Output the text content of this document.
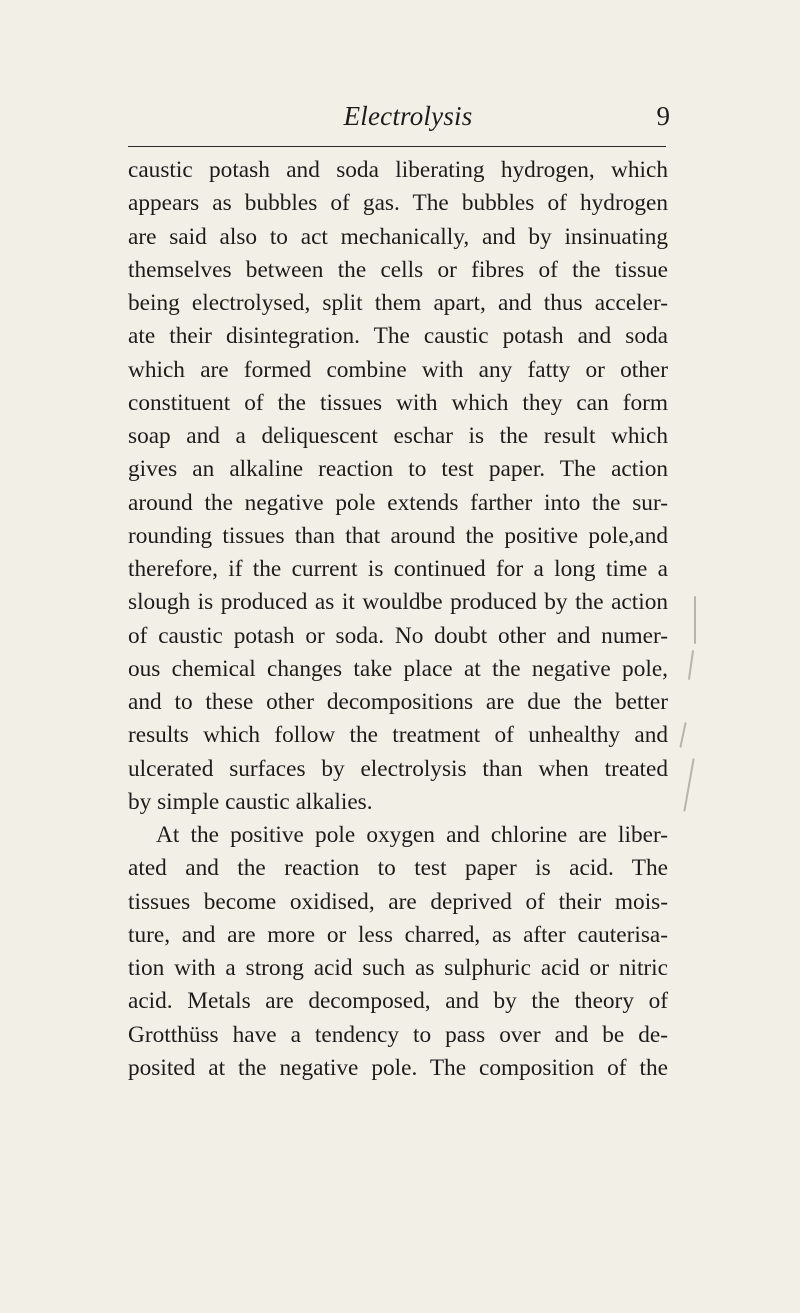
Electrolysis	9
caustic potash and soda liberating hydrogen, which
appears as bubbles of gas. The bubbles of hydrogen
are said also to act mechanically, and by insinuating
themselves between the cells or fibres of the tissue
being electrolysed, split them apart, and thus acceler-
ate their disintegration. The caustic potash and soda
which are formed combine with any fatty or other
constituent of the tissues with which they can form
soap and a deliquescent eschar is the result which
gives an alkaline reaction to test paper. The action
around the negative pole extends farther into the sur-
rounding tissues than that around the positive pole,and
therefore, if the current is continued for a long time a
slough is produced as it wouldbe produced by the action
of caustic potash or soda. No doubt other and numer-
ous chemical changes take place at the negative pole,
and to these other decompositions are due the better
results which follow the treatment of unhealthy and
ulcerated surfaces by electrolysis than when treated
by simple caustic alkalies.
At the positive pole oxygen and chlorine are liber-
ated and the reaction to test paper is acid. The
tissues become oxidised, are deprived of their mois-
ture, and are more or less charred, as after cauterisa-
tion with a strong acid such as sulphuric acid or nitric
acid. Metals are decomposed, and by the theory of
Grotthüss have a tendency to pass over and be de-
posited at the negative pole. The composition of the
